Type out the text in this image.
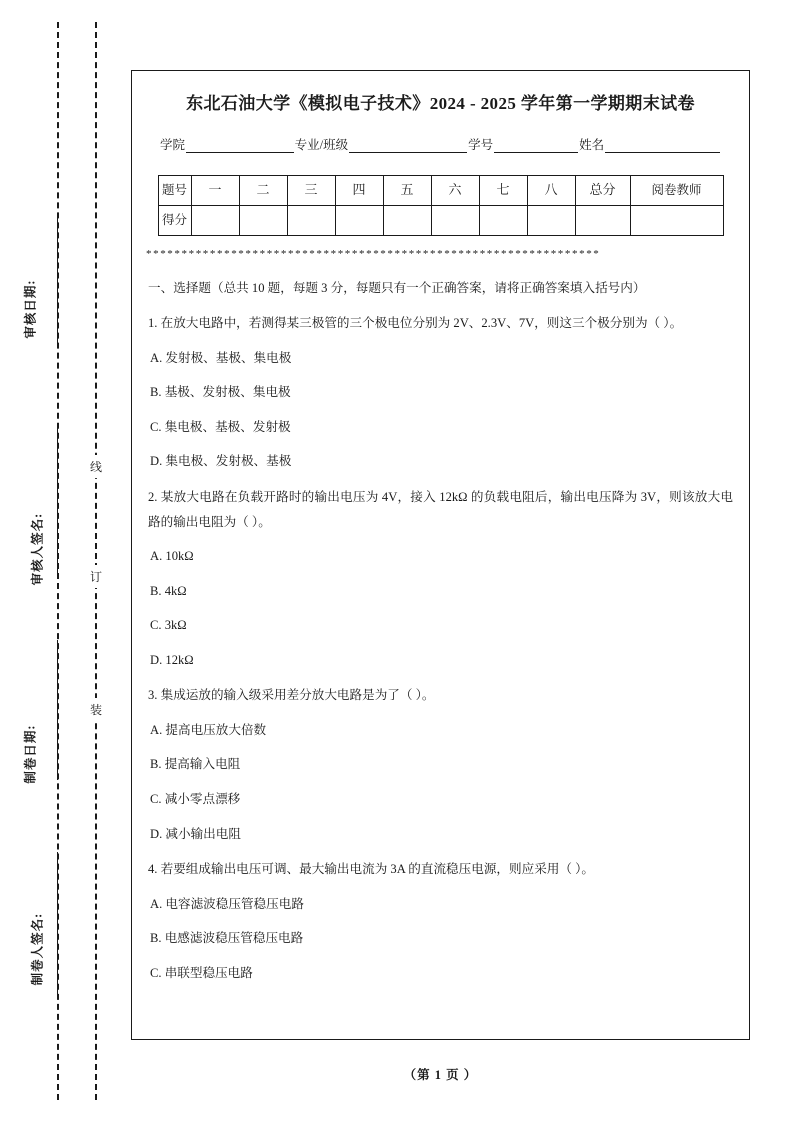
审核日期:
审核人签名:
制卷日期:
制卷人签名:
线
订
装
东北石油大学《模拟电子技术》2024 - 2025 学年第一学期期末试卷
学院	专业/班级	学号	姓名
题号	一	二	三	四	五	六	七	八	总分	阅卷教师
得分										
****************************************************************
一、选择题（总共 10 题，每题 3 分，每题只有一个正确答案，请将正确答案填入括号内）
1. 在放大电路中，若测得某三极管的三个极电位分别为 2V、2.3V、7V，则这三个极分别为（ ）。
A. 发射极、基极、集电极
B. 基极、发射极、集电极
C. 集电极、基极、发射极
D. 集电极、发射极、基极
2. 某放大电路在负载开路时的输出电压为 4V，接入 12kΩ 的负载电阻后，输出电压降为 3V，则该放大电路的输出电阻为（ ）。
A. 10kΩ
B. 4kΩ
C. 3kΩ
D. 12kΩ
3. 集成运放的输入级采用差分放大电路是为了（ ）。
A. 提高电压放大倍数
B. 提高输入电阻
C. 减小零点漂移
D. 减小输出电阻
4. 若要组成输出电压可调、最大输出电流为 3A 的直流稳压电源，则应采用（ ）。
A. 电容滤波稳压管稳压电路
B. 电感滤波稳压管稳压电路
C. 串联型稳压电路
（第 1 页 ）
